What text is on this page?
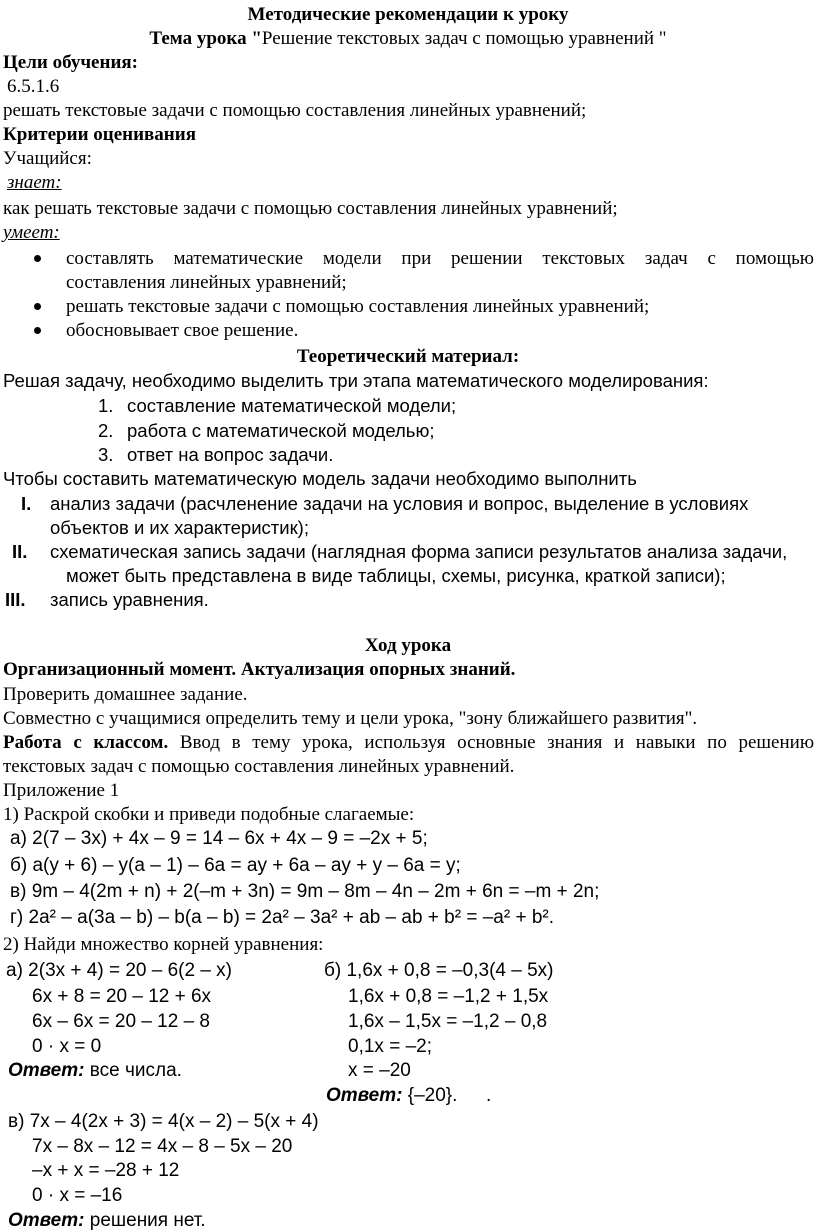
Методические рекомендации к уроку
Тема урока "Решение текстовых задач с помощью уравнений "
Цели обучения:
6.5.1.6
решать текстовые задачи с помощью составления линейных уравнений;
Критерии оценивания
Учащийся:
знает:
как решать текстовые задачи с помощью составления линейных уравнений;
умеет:
составлять математические модели при решении текстовых задач с помощью
составления линейных уравнений;
решать текстовые задачи с помощью составления линейных уравнений;
обосновывает свое решение.
Теоретический материал:
Решая задачу, необходимо выделить три этапа математического моделирования:
1. составление математической модели;
2. работа с математической моделью;
3. ответ на вопрос задачи.
Чтобы составить математическую модель задачи необходимо выполнить
I. анализ задачи (расчленение задачи на условия и вопрос, выделение в условиях
объектов и их характеристик);
II. схематическая запись задачи (наглядная форма записи результатов анализа задачи,
может быть представлена в виде таблицы, схемы, рисунка, краткой записи);
III. запись уравнения.
Ход урока
Организационный момент. Актуализация опорных знаний.
Проверить домашнее задание.
Совместно с учащимися определить тему и цели урока, "зону ближайшего развития".
Работа с классом. Ввод в тему урока, используя основные знания и навыки по решению
текстовых задач с помощью составления линейных уравнений.
Приложение 1
1) Раскрой скобки и приведи подобные слагаемые:
а) 2(7 – 3x) + 4x – 9 = 14 – 6x + 4x – 9 = –2x + 5;
б) a(y + 6) – y(a – 1) – 6a = ay + 6a – ay + y – 6a = y;
в) 9m – 4(2m + n) + 2(–m + 3n) = 9m – 8m – 4n – 2m + 6n = –m + 2n;
г) 2a² – a(3a – b) – b(a – b) = 2a² – 3a² + ab – ab + b² = –a² + b².
2) Найди множество корней уравнения:
а) 2(3x + 4) = 20 – 6(2 – x)
6x + 8 = 20 – 12 + 6x
6x – 6x = 20 – 12 – 8
0 · x = 0
Ответ: все числа.
б) 1,6x + 0,8 = –0,3(4 – 5x)
1,6x + 0,8 = –1,2 + 1,5x
1,6x – 1,5x = –1,2 – 0,8
0,1x = –2;
x = –20
Ответ: {–20}. .
в) 7x – 4(2x + 3) = 4(x – 2) – 5(x + 4)
7x – 8x – 12 = 4x – 8 – 5x – 20
–x + x = –28 + 12
0 · x = –16
Ответ: решения нет.
